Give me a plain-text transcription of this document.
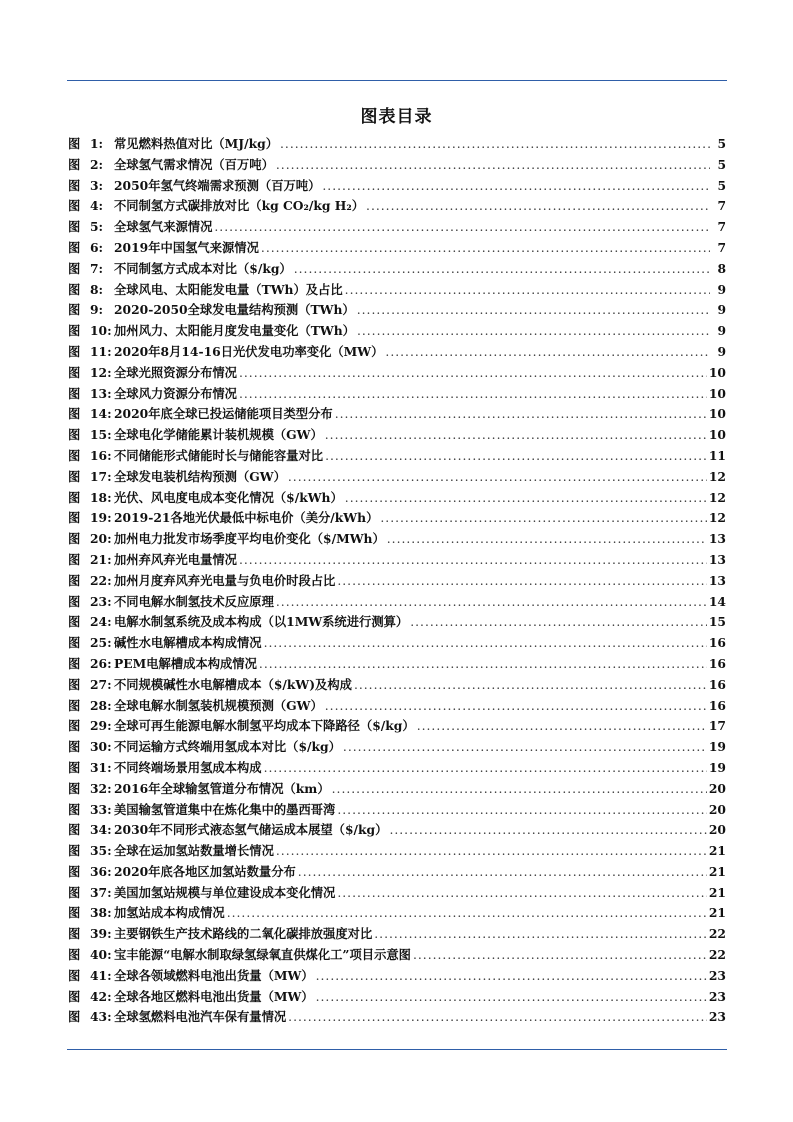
图表目录
图 1: 常见燃料热值对比（MJ/kg） .....	5
图 2: 全球氢气需求情况（百万吨） .....	5
图 3: 2050年氢气终端需求预测（百万吨） .....	5
图 4: 不同制氢方式碳排放对比（kg CO₂/kg H₂） .....	7
图 5: 全球氢气来源情况 .....	7
图 6: 2019年中国氢气来源情况 .....	7
图 7: 不同制氢方式成本对比（$/kg） .....	8
图 8: 全球风电、太阳能发电量（TWh）及占比 .....	9
图 9: 2020-2050全球发电量结构预测（TWh） .....	9
图 10: 加州风力、太阳能月度发电量变化（TWh） .....	9
图 11: 2020年8月14-16日光伏发电功率变化（MW） .....	9
图 12: 全球光照资源分布情况 .....	10
图 13: 全球风力资源分布情况 .....	10
图 14: 2020年底全球已投运储能项目类型分布 .....	10
图 15: 全球电化学储能累计装机规模（GW） .....	10
图 16: 不同储能形式储能时长与储能容量对比 .....	11
图 17: 全球发电装机结构预测（GW） .....	12
图 18: 光伏、风电度电成本变化情况（$/kWh） .....	12
图 19: 2019-21各地光伏最低中标电价（美分/kWh） .....	12
图 20: 加州电力批发市场季度平均电价变化（$/MWh） .....	13
图 21: 加州弃风弃光电量情况 .....	13
图 22: 加州月度弃风弃光电量与负电价时段占比 .....	13
图 23: 不同电解水制氢技术反应原理 .....	14
图 24: 电解水制氢系统及成本构成（以1MW系统进行测算） .....	15
图 25: 碱性水电解槽成本构成情况 .....	16
图 26: PEM电解槽成本构成情况 .....	16
图 27: 不同规模碱性水电解槽成本（$/kW)及构成 .....	16
图 28: 全球电解水制氢装机规模预测（GW） .....	16
图 29: 全球可再生能源电解水制氢平均成本下降路径（$/kg） .....	17
图 30: 不同运输方式终端用氢成本对比（$/kg） .....	19
图 31: 不同终端场景用氢成本构成 .....	19
图 32: 2016年全球输氢管道分布情况（km） .....	20
图 33: 美国输氢管道集中在炼化集中的墨西哥湾 .....	20
图 34: 2030年不同形式液态氢气储运成本展望（$/kg） .....	20
图 35: 全球在运加氢站数量增长情况 .....	21
图 36: 2020年底各地区加氢站数量分布 .....	21
图 37: 美国加氢站规模与单位建设成本变化情况 .....	21
图 38: 加氢站成本构成情况 .....	21
图 39: 主要钢铁生产技术路线的二氧化碳排放强度对比 .....	22
图 40: 宝丰能源“电解水制取绿氢绿氧直供煤化工”项目示意图 .....	22
图 41: 全球各领域燃料电池出货量（MW） .....	23
图 42: 全球各地区燃料电池出货量（MW） .....	23
图 43: 全球氢燃料电池汽车保有量情况 .....	23
